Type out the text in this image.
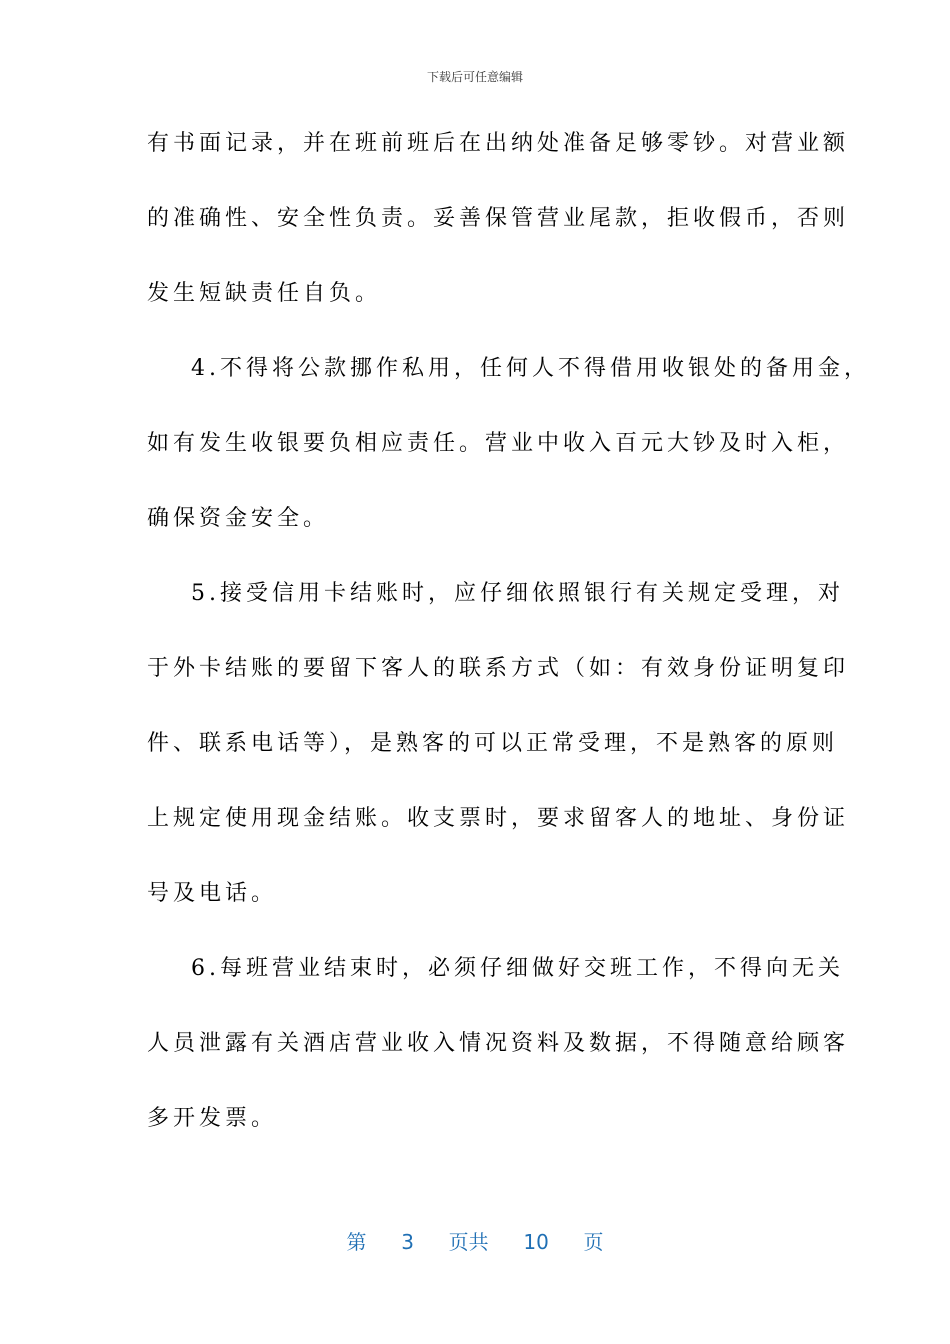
下载后可任意编辑
有书面记录，并在班前班后在出纳处准备足够零钞。对营业额
的准确性、安全性负责。妥善保管营业尾款，拒收假币，否则
发生短缺责任自负。
4.不得将公款挪作私用，任何人不得借用收银处的备用金，
如有发生收银要负相应责任。营业中收入百元大钞及时入柜，
确保资金安全。
5.接受信用卡结账时，应仔细依照银行有关规定受理，对
于外卡结账的要留下客人的联系方式（如：有效身份证明复印
件、联系电话等），是熟客的可以正常受理，不是熟客的原则
上规定使用现金结账。收支票时，要求留客人的地址、身份证
号及电话。
6.每班营业结束时，必须仔细做好交班工作，不得向无关
人员泄露有关酒店营业收入情况资料及数据，不得随意给顾客
多开发票。
第 3 页共 10 页
